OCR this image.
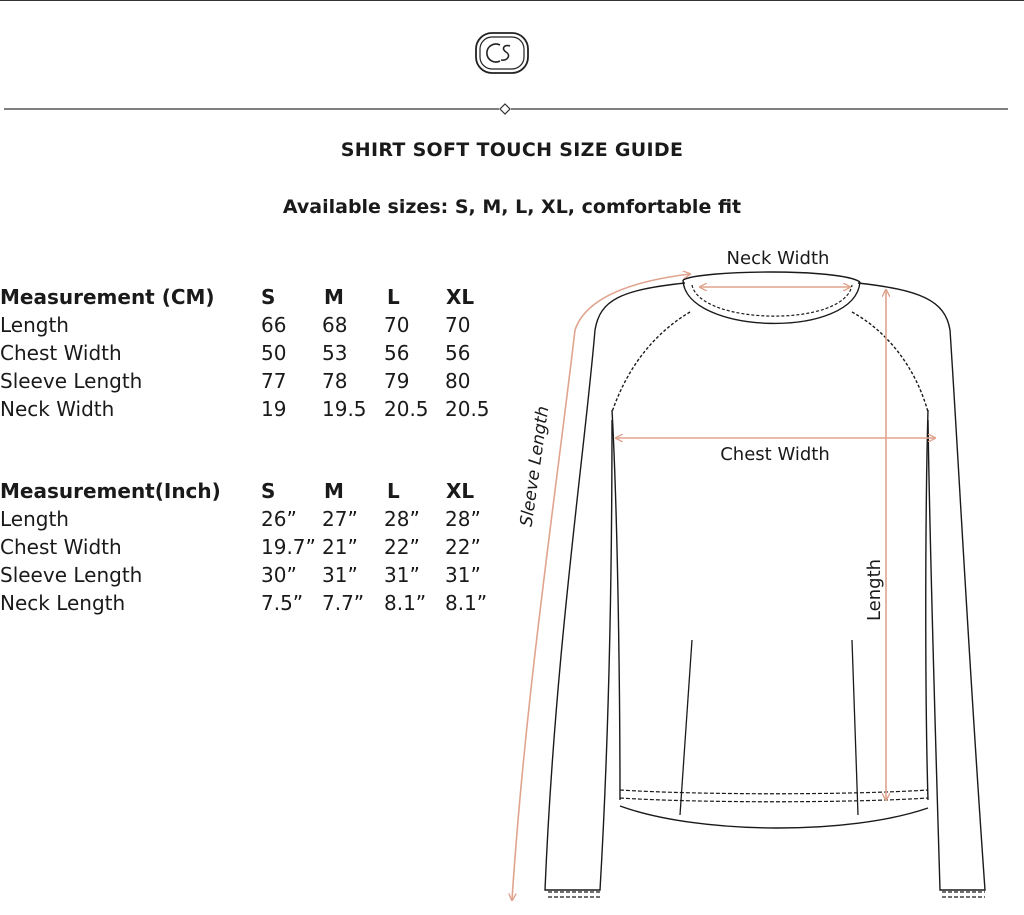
SHIRT SOFT TOUCH SIZE GUIDE
Available sizes: S, M, L, XL, comfortable fit
Measurement (CM) S M L XL
Length	66 68 70 70
Chest Width	50 53 56 56
Sleeve Length	77 78 79 80
Neck Width	19 19.5 20.5 20.5
Measurement(Inch) S M L XL
Length	26” 27” 28” 28”
Chest Width	19.7” 21” 22” 22”
Sleeve Length	30” 31” 31” 31”
Neck Length	7.5” 7.7” 8.1” 8.1”
Neck Width
Chest Width
Length
Sleeve Length
